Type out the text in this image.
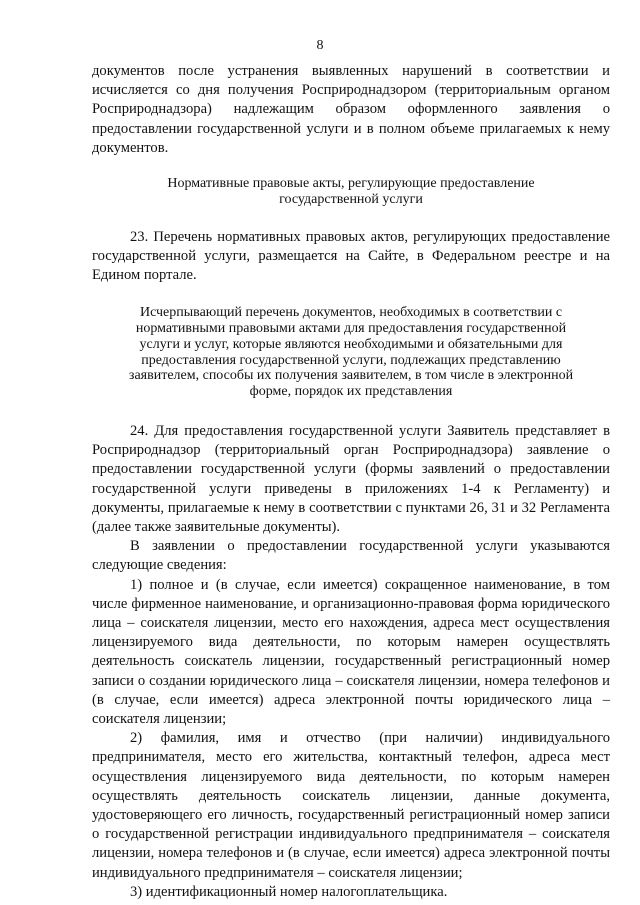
8

документов после устранения выявленных нарушений в соответствии и исчисляется со дня получения Росприроднадзором (территориальным органом Росприроднадзора) надлежащим образом оформленного заявления о предоставлении государственной услуги и в полном объеме прилагаемых к нему документов.

Нормативные правовые акты, регулирующие предоставление государственной услуги

23. Перечень нормативных правовых актов, регулирующих предоставление государственной услуги, размещается на Сайте, в Федеральном реестре и на Едином портале.

Исчерпывающий перечень документов, необходимых в соответствии с нормативными правовыми актами для предоставления государственной услуги и услуг, которые являются необходимыми и обязательными для предоставления государственной услуги, подлежащих представлению заявителем, способы их получения заявителем, в том числе в электронной форме, порядок их представления

24. Для предоставления государственной услуги Заявитель представляет в Росприроднадзор (территориальный орган Росприроднадзора) заявление о предоставлении государственной услуги (формы заявлений о предоставлении государственной услуги приведены в приложениях 1-4 к Регламенту) и документы, прилагаемые к нему в соответствии с пунктами 26, 31 и 32 Регламента (далее также заявительные документы).

В заявлении о предоставлении государственной услуги указываются следующие сведения:

1) полное и (в случае, если имеется) сокращенное наименование, в том числе фирменное наименование, и организационно-правовая форма юридического лица – соискателя лицензии, место его нахождения, адреса мест осуществления лицензируемого вида деятельности, по которым намерен осуществлять деятельность соискатель лицензии, государственный регистрационный номер записи о создании юридического лица – соискателя лицензии, номера телефонов и (в случае, если имеется) адреса электронной почты юридического лица – соискателя лицензии;

2) фамилия, имя и отчество (при наличии) индивидуального предпринимателя, место его жительства, контактный телефон, адреса мест осуществления лицензируемого вида деятельности, по которым намерен осуществлять деятельность соискатель лицензии, данные документа, удостоверяющего его личность, государственный регистрационный номер записи о государственной регистрации индивидуального предпринимателя – соискателя лицензии, номера телефонов и (в случае, если имеется) адреса электронной почты индивидуального предпринимателя – соискателя лицензии;

3) идентификационный номер налогоплательщика.
